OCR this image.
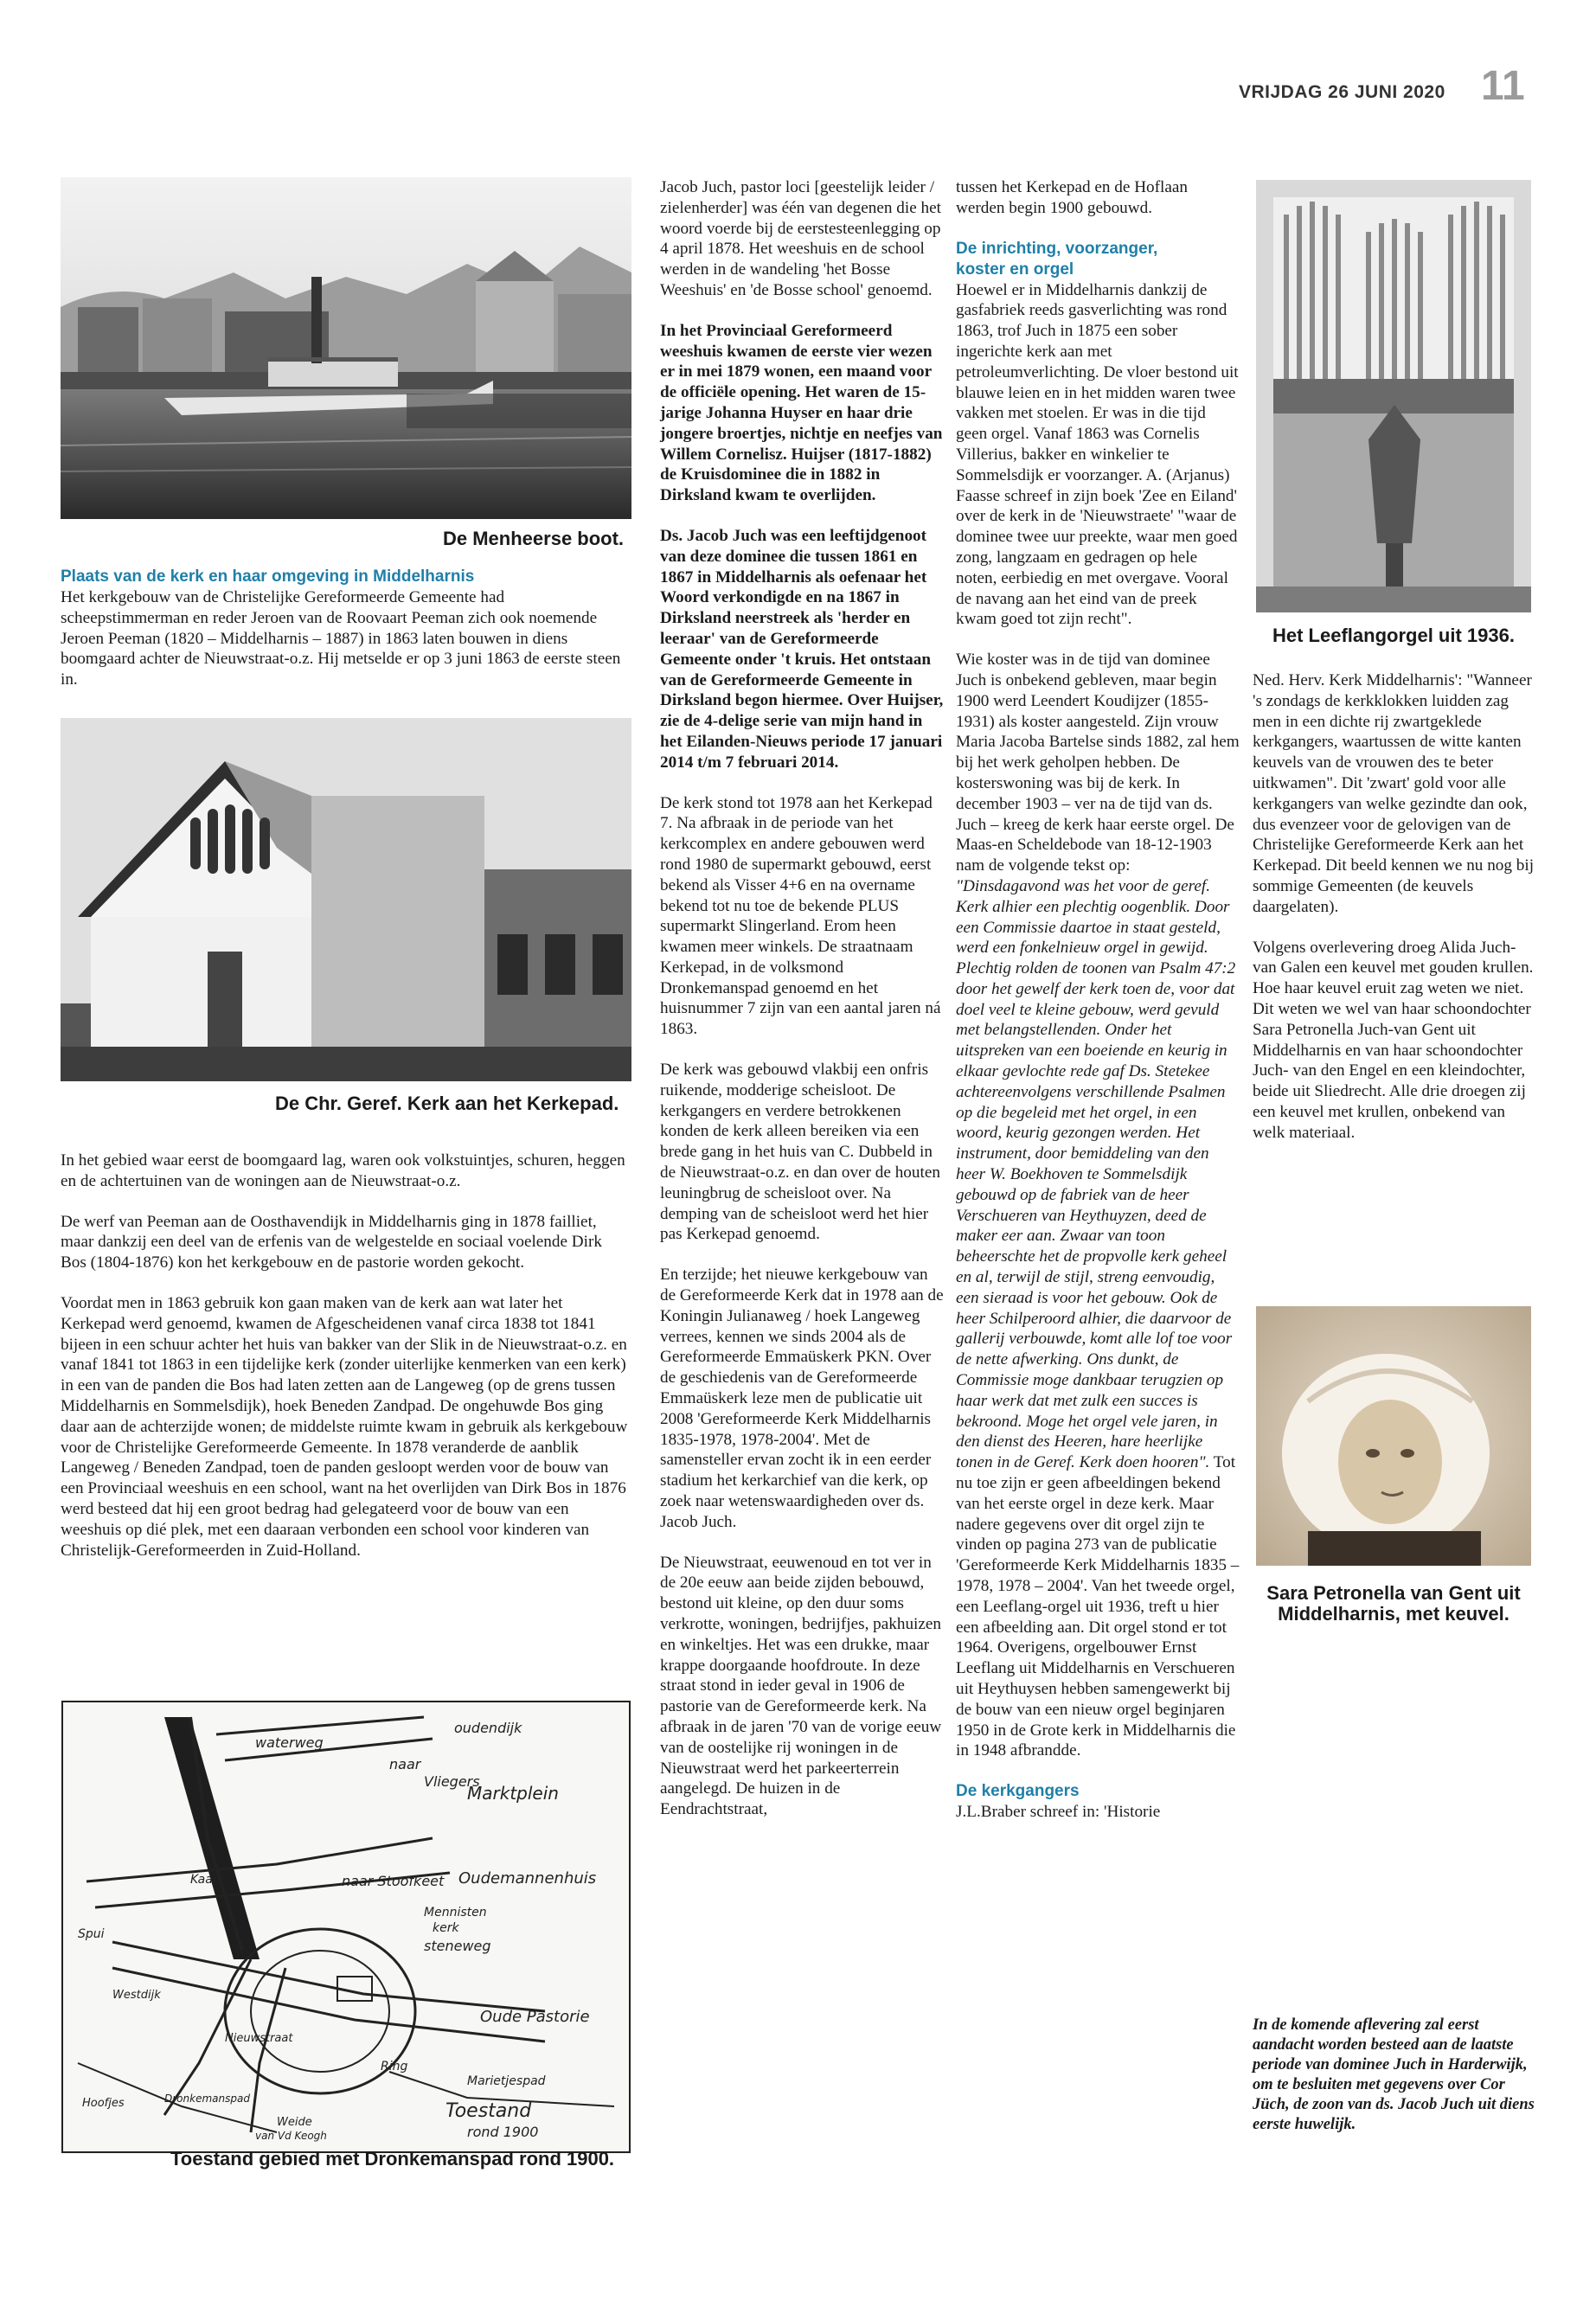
VRIJDAG 26 JUNI 2020 11
De Menheerse boot.
Plaats van de kerk en haar omgeving in Middelharnis

Het kerkgebouw van de Christelijke Gereformeerde Gemeente had scheepstimmerman en reder Jeroen van de Roovaart Peeman zich ook noemende Jeroen Peeman (1820 – Middelharnis – 1887) in 1863 laten bouwen in diens boomgaard achter de Nieuwstraat-o.z. Hij metselde er op 3 juni 1863 de eerste steen in.

De Chr. Geref. Kerk aan het Kerkepad.

In het gebied waar eerst de boomgaard lag, waren ook volkstuintjes, schuren, heggen en de achtertuinen van de woningen aan de Nieuwstraat-o.z.

De werf van Peeman aan de Oosthavendijk in Middelharnis ging in 1878 failliet, maar dankzij een deel van de erfenis van de welgestelde en sociaal voelende Dirk Bos (1804-1876) kon het kerkgebouw en de pastorie worden gekocht.

Voordat men in 1863 gebruik kon gaan maken van de kerk aan wat later het Kerkepad werd genoemd, kwamen de Afgescheidenen vanaf circa 1838 tot 1841 bijeen in een schuur achter het huis van bakker van der Slik in de Nieuwstraat-o.z. en vanaf 1841 tot 1863 in een tijdelijke kerk (zonder uiterlijke kenmerken van een kerk) in een van de panden die Bos had laten zetten aan de Langeweg (op de grens tussen Middelharnis en Sommelsdijk), hoek Beneden Zandpad. De ongehuwde Bos ging daar aan de achterzijde wonen; de middelste ruimte kwam in gebruik als kerkgebouw voor de Christelijke Gereformeerde Gemeente. In 1878 veranderde de aanblik Langeweg / Beneden Zandpad, toen de panden gesloopt werden voor de bouw van een Provinciaal weeshuis en een school, want na het overlijden van Dirk Bos in 1876 werd besteed dat hij een groot bedrag had gelegateerd voor de bouw van een weeshuis op dié plek, met een daaraan verbonden een school voor kinderen van Christelijk-Gereformeerden in Zuid-Holland.

oudendijk
waterweg
naar
Vliegers
Marktplein
Oudemannenhuis
Kaai	naar Stoofkeet
Spui
Mennisten
kerk
steneweg
Oude Pastorie
Westdijk
Nieuwstraat
Ring
Marietjespad
Hoofjes	Dronkemanspad
Weide
van Vd Keogh
Toestand
rond 1900
Toestand gebied met Dronkemanspad rond 1900.

Jacob Juch, pastor loci [geestelijk leider / zielenherder] was één van degenen die het woord voerde bij de eerstesteenlegging op 4 april 1878. Het weeshuis en de school werden in de wandeling 'het Bosse Weeshuis' en 'de Bosse school' genoemd.

In het Provinciaal Gereformeerd weeshuis kwamen de eerste vier wezen er in mei 1879 wonen, een maand voor de officiële opening. Het waren de 15-jarige Johanna Huyser en haar drie jongere broertjes, nichtje en neefjes van Willem Cornelisz. Huijser (1817-1882) de Kruisdominee die in 1882 in Dirksland kwam te overlijden.

Ds. Jacob Juch was een leeftijdgenoot van deze dominee die tussen 1861 en 1867 in Middelharnis als oefenaar het Woord verkondigde en na 1867 in Dirksland neerstreek als 'herder en leeraar' van de Gereformeerde Gemeente onder 't kruis. Het ontstaan van de Gereformeerde Gemeente in Dirksland begon hiermee. Over Huijser, zie de 4-delige serie van mijn hand in het Eilanden-Nieuws periode 17 januari 2014 t/m 7 februari 2014.

De kerk stond tot 1978 aan het Kerkepad 7. Na afbraak in de periode van het kerkcomplex en andere gebouwen werd rond 1980 de supermarkt gebouwd, eerst bekend als Visser 4+6 en na overname bekend tot nu toe de bekende PLUS supermarkt Slingerland. Erom heen kwamen meer winkels. De straatnaam Kerkepad, in de volksmond Dronkemanspad genoemd en het huisnummer 7 zijn van een aantal jaren ná 1863.

De kerk was gebouwd vlakbij een onfris ruikende, modderige scheisloot. De kerkgangers en verdere betrokkenen konden de kerk alleen bereiken via een brede gang in het huis van C. Dubbeld in de Nieuwstraat-o.z. en dan over de houten leuningbrug de scheisloot over. Na demping van de scheisloot werd het hier pas Kerkepad genoemd.

En terzijde; het nieuwe kerkgebouw van de Gereformeerde Kerk dat in 1978 aan de Koningin Julianaweg / hoek Langeweg verrees, kennen we sinds 2004 als de Gereformeerde Emmaüskerk PKN. Over de geschiedenis van de Gereformeerde Emmaüskerk leze men de publicatie uit 2008 'Gereformeerde Kerk Middelharnis 1835-1978, 1978-2004'. Met de samensteller ervan zocht ik in een eerder stadium het kerkarchief van die kerk, op zoek naar wetenswaardigheden over ds. Jacob Juch.

De Nieuwstraat, eeuwenoud en tot ver in de 20e eeuw aan beide zijden bebouwd, bestond uit kleine, op den duur soms verkrotte, woningen, bedrijfjes, pakhuizen en winkeltjes. Het was een drukke, maar krappe doorgaande hoofdroute. In deze straat stond in ieder geval in 1906 de pastorie van de Gereformeerde kerk. Na afbraak in de jaren '70 van de vorige eeuw van de oostelijke rij woningen in de Nieuwstraat werd het parkeerterrein aangelegd. De huizen in de Eendrachtstraat,

tussen het Kerkepad en de Hoflaan werden begin 1900 gebouwd.

De inrichting, voorzanger,
koster en orgel

Hoewel er in Middelharnis dankzij de gasfabriek reeds gasverlichting was rond 1863, trof Juch in 1875 een sober ingerichte kerk aan met petroleumverlichting. De vloer bestond uit blauwe leien en in het midden waren twee vakken met stoelen. Er was in die tijd geen orgel. Vanaf 1863 was Cornelis Villerius, bakker en winkelier te Sommelsdijk er voorzanger. A. (Arjanus) Faasse schreef in zijn boek 'Zee en Eiland' over de kerk in de 'Nieuwstraete' "waar de dominee twee uur preekte, waar men goed zong, langzaam en gedragen op hele noten, eerbiedig en met overgave. Vooral de navang aan het eind van de preek kwam goed tot zijn recht".

Wie koster was in de tijd van dominee Juch is onbekend gebleven, maar begin 1900 werd Leendert Koudijzer (1855-1931) als koster aangesteld. Zijn vrouw Maria Jacoba Bartelse sinds 1882, zal hem bij het werk geholpen hebben. De kosterswoning was bij de kerk. In december 1903 – ver na de tijd van ds. Juch – kreeg de kerk haar eerste orgel. De Maas-en Scheldebode van 18-12-1903 nam de volgende tekst op:

"Dinsdagavond was het voor de geref. Kerk alhier een plechtig oogenblik. Door een Commissie daartoe in staat gesteld, werd een fonkelnieuw orgel in gewijd. Plechtig rolden de toonen van Psalm 47:2 door het gewelf der kerk toen de, voor dat doel veel te kleine gebouw, werd gevuld met belangstellenden. Onder het uitspreken van een boeiende en keurig in elkaar gevlochte rede gaf Ds. Stetekee achtereenvolgens verschillende Psalmen op die begeleid met het orgel, in een woord, keurig gezongen werden. Het instrument, door bemiddeling van den heer W. Boekhoven te Sommelsdijk gebouwd op de fabriek van de heer Verschueren van Heythuyzen, deed de maker eer aan. Zwaar van toon beheerschte het de propvolle kerk geheel en al, terwijl de stijl, streng eenvoudig, een sieraad is voor het gebouw. Ook de heer Schilperoord alhier, die daarvoor de gallerij verbouwde, komt alle lof toe voor de nette afwerking. Ons dunkt, de Commissie moge dankbaar terugzien op haar werk dat met zulk een succes is bekroond. Moge het orgel vele jaren, in den dienst des Heeren, hare heerlijke tonen in de Geref. Kerk doen hooren". Tot nu toe zijn er geen afbeeldingen bekend van het eerste orgel in deze kerk. Maar nadere gegevens over dit orgel zijn te vinden op pagina 273 van de publicatie 'Gereformeerde Kerk Middelharnis 1835 – 1978, 1978 – 2004'. Van het tweede orgel, een Leeflang-orgel uit 1936, treft u hier een afbeelding aan. Dit orgel stond er tot 1964. Overigens, orgelbouwer Ernst Leeflang uit Middelharnis en Verschueren uit Heythuysen hebben samengewerkt bij de bouw van een nieuw orgel beginjaren 1950 in de Grote kerk in Middelharnis die in 1948 afbrandde.

De kerkgangers

J.L.Braber schreef in: 'Historie

Het Leeflangorgel uit 1936.

Ned. Herv. Kerk Middelharnis': "Wanneer 's zondags de kerkklokken luidden zag men in een dichte rij zwartgeklede kerkgangers, waartussen de witte kanten keuvels van de vrouwen des te beter uitkwamen". Dit 'zwart' gold voor alle kerkgangers van welke gezindte dan ook, dus evenzeer voor de gelovigen van de Christelijke Gereformeerde Kerk aan het Kerkepad. Dit beeld kennen we nu nog bij sommige Gemeenten (de keuvels daargelaten).

Volgens overlevering droeg Alida Juch-van Galen een keuvel met gouden krullen. Hoe haar keuvel eruit zag weten we niet. Dit weten we wel van haar schoondochter Sara Petronella Juch-van Gent uit Middelharnis en van haar schoondochter Juch- van den Engel en een kleindochter, beide uit Sliedrecht. Alle drie droegen zij een keuvel met krullen, onbekend van welk materiaal.

Sara Petronella van Gent uit
Middelharnis, met keuvel.
In de komende aflevering zal eerst aandacht worden besteed aan de laatste periode van dominee Juch in Harderwijk, om te besluiten met gegevens over Cor Jüch, de zoon van ds. Jacob Juch uit diens eerste huwelijk.
